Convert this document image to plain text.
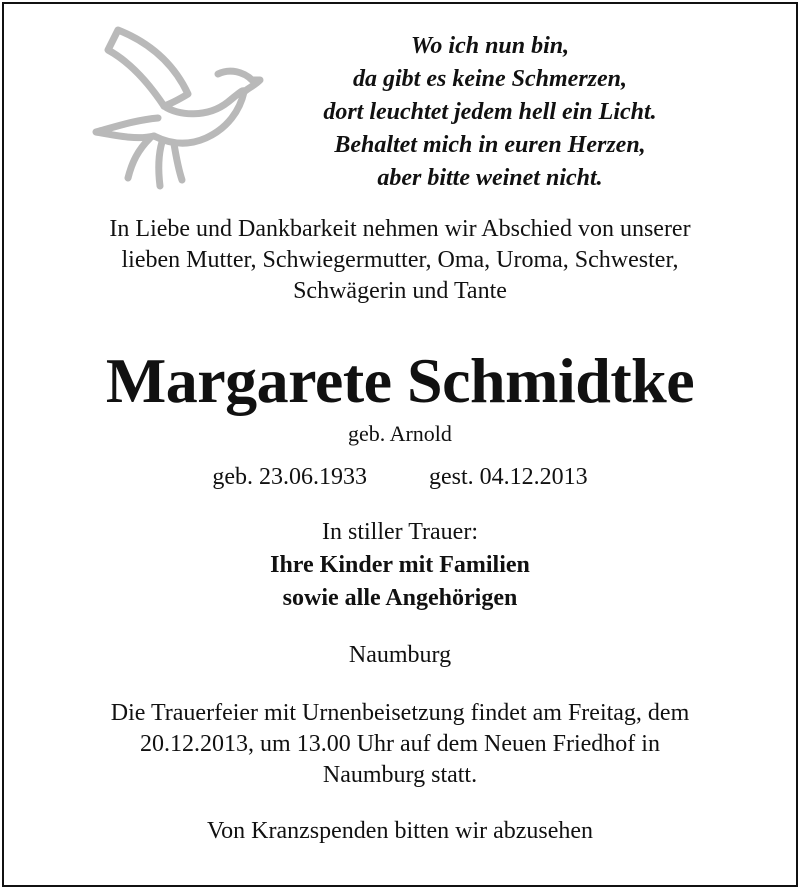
Wo ich nun bin,
da gibt es keine Schmerzen,
dort leuchtet jedem hell ein Licht.
Behaltet mich in euren Herzen,
aber bitte weinet nicht.
In Liebe und Dankbarkeit nehmen wir Abschied von unserer
lieben Mutter, Schwiegermutter, Oma, Uroma, Schwester,
Schwägerin und Tante
Margarete Schmidtke
geb. Arnold
geb. 23.06.1933	gest. 04.12.2013
In stiller Trauer:
Ihre Kinder mit Familien
sowie alle Angehörigen
Naumburg
Die Trauerfeier mit Urnenbeisetzung findet am Freitag, dem
20.12.2013, um 13.00 Uhr auf dem Neuen Friedhof in
Naumburg statt.
Von Kranzspenden bitten wir abzusehen
